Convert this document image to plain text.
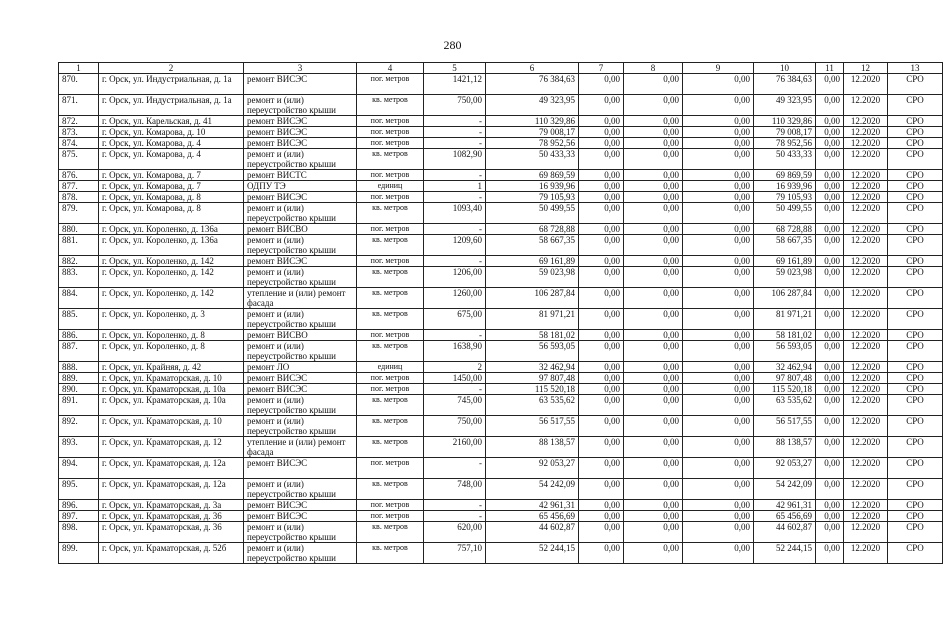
280
1	2	3	4	5	6	7	8	9	10	11	12	13
870.	г. Орск, ул. Индустриальная, д. 1а	ремонт ВИСЭС	пог. метров	1421,12	76 384,63	0,00	0,00	0,00	76 384,63	0,00	12.2020	СРО
871.	г. Орск, ул. Индустриальная, д. 1а	ремонт и (или) переустройство крыши	кв. метров	750,00	49 323,95	0,00	0,00	0,00	49 323,95	0,00	12.2020	СРО
872.	г. Орск, ул. Карельская, д. 41	ремонт ВИСЭС	пог. метров	-	110 329,86	0,00	0,00	0,00	110 329,86	0,00	12.2020	СРО
873.	г. Орск, ул. Комарова, д. 10	ремонт ВИСЭС	пог. метров	-	79 008,17	0,00	0,00	0,00	79 008,17	0,00	12.2020	СРО
874.	г. Орск, ул. Комарова, д. 4	ремонт ВИСЭС	пог. метров	-	78 952,56	0,00	0,00	0,00	78 952,56	0,00	12.2020	СРО
875.	г. Орск, ул. Комарова, д. 4	ремонт и (или) переустройство крыши	кв. метров	1082,90	50 433,33	0,00	0,00	0,00	50 433,33	0,00	12.2020	СРО
876.	г. Орск, ул. Комарова, д. 7	ремонт ВИСТС	пог. метров	-	69 869,59	0,00	0,00	0,00	69 869,59	0,00	12.2020	СРО
877.	г. Орск, ул. Комарова, д. 7	ОДПУ ТЭ	единиц	1	16 939,96	0,00	0,00	0,00	16 939,96	0,00	12.2020	СРО
878.	г. Орск, ул. Комарова, д. 8	ремонт ВИСЭС	пог. метров	-	79 105,93	0,00	0,00	0,00	79 105,93	0,00	12.2020	СРО
879.	г. Орск, ул. Комарова, д. 8	ремонт и (или) переустройство крыши	кв. метров	1093,40	50 499,55	0,00	0,00	0,00	50 499,55	0,00	12.2020	СРО
880.	г. Орск, ул. Короленко, д. 136а	ремонт ВИСВО	пог. метров	-	68 728,88	0,00	0,00	0,00	68 728,88	0,00	12.2020	СРО
881.	г. Орск, ул. Короленко, д. 136а	ремонт и (или) переустройство крыши	кв. метров	1209,60	58 667,35	0,00	0,00	0,00	58 667,35	0,00	12.2020	СРО
882.	г. Орск, ул. Короленко, д. 142	ремонт ВИСЭС	пог. метров	-	69 161,89	0,00	0,00	0,00	69 161,89	0,00	12.2020	СРО
883.	г. Орск, ул. Короленко, д. 142	ремонт и (или) переустройство крыши	кв. метров	1206,00	59 023,98	0,00	0,00	0,00	59 023,98	0,00	12.2020	СРО
884.	г. Орск, ул. Короленко, д. 142	утепление и (или) ремонт фасада	кв. метров	1260,00	106 287,84	0,00	0,00	0,00	106 287,84	0,00	12.2020	СРО
885.	г. Орск, ул. Короленко, д. 3	ремонт и (или) переустройство крыши	кв. метров	675,00	81 971,21	0,00	0,00	0,00	81 971,21	0,00	12.2020	СРО
886.	г. Орск, ул. Короленко, д. 8	ремонт ВИСВО	пог. метров	-	58 181,02	0,00	0,00	0,00	58 181,02	0,00	12.2020	СРО
887.	г. Орск, ул. Короленко, д. 8	ремонт и (или) переустройство крыши	кв. метров	1638,90	56 593,05	0,00	0,00	0,00	56 593,05	0,00	12.2020	СРО
888.	г. Орск, ул. Крайняя, д. 42	ремонт ЛО	единиц	2	32 462,94	0,00	0,00	0,00	32 462,94	0,00	12.2020	СРО
889.	г. Орск, ул. Краматорская, д. 10	ремонт ВИСЭС	пог. метров	1450,00	97 807,48	0,00	0,00	0,00	97 807,48	0,00	12.2020	СРО
890.	г. Орск, ул. Краматорская, д. 10а	ремонт ВИСЭС	пог. метров	-	115 520,18	0,00	0,00	0,00	115 520,18	0,00	12.2020	СРО
891.	г. Орск, ул. Краматорская, д. 10а	ремонт и (или) переустройство крыши	кв. метров	745,00	63 535,62	0,00	0,00	0,00	63 535,62	0,00	12.2020	СРО
892.	г. Орск, ул. Краматорская, д. 10	ремонт и (или) переустройство крыши	кв. метров	750,00	56 517,55	0,00	0,00	0,00	56 517,55	0,00	12.2020	СРО
893.	г. Орск, ул. Краматорская, д. 12	утепление и (или) ремонт фасада	кв. метров	2160,00	88 138,57	0,00	0,00	0,00	88 138,57	0,00	12.2020	СРО
894.	г. Орск, ул. Краматорская, д. 12а	ремонт ВИСЭС	пог. метров	-	92 053,27	0,00	0,00	0,00	92 053,27	0,00	12.2020	СРО
895.	г. Орск, ул. Краматорская, д. 12а	ремонт и (или) переустройство крыши	кв. метров	748,00	54 242,09	0,00	0,00	0,00	54 242,09	0,00	12.2020	СРО
896.	г. Орск, ул. Краматорская, д. 3а	ремонт ВИСЭС	пог. метров	-	42 961,31	0,00	0,00	0,00	42 961,31	0,00	12.2020	СРО
897.	г. Орск, ул. Краматорская, д. 36	ремонт ВИСЭС	пог. метров	-	65 456,69	0,00	0,00	0,00	65 456,69	0,00	12.2020	СРО
898.	г. Орск, ул. Краматорская, д. 36	ремонт и (или) переустройство крыши	кв. метров	620,00	44 602,87	0,00	0,00	0,00	44 602,87	0,00	12.2020	СРО
899.	г. Орск, ул. Краматорская, д. 52б	ремонт и (или) переустройство крыши	кв. метров	757,10	52 244,15	0,00	0,00	0,00	52 244,15	0,00	12.2020	СРО
